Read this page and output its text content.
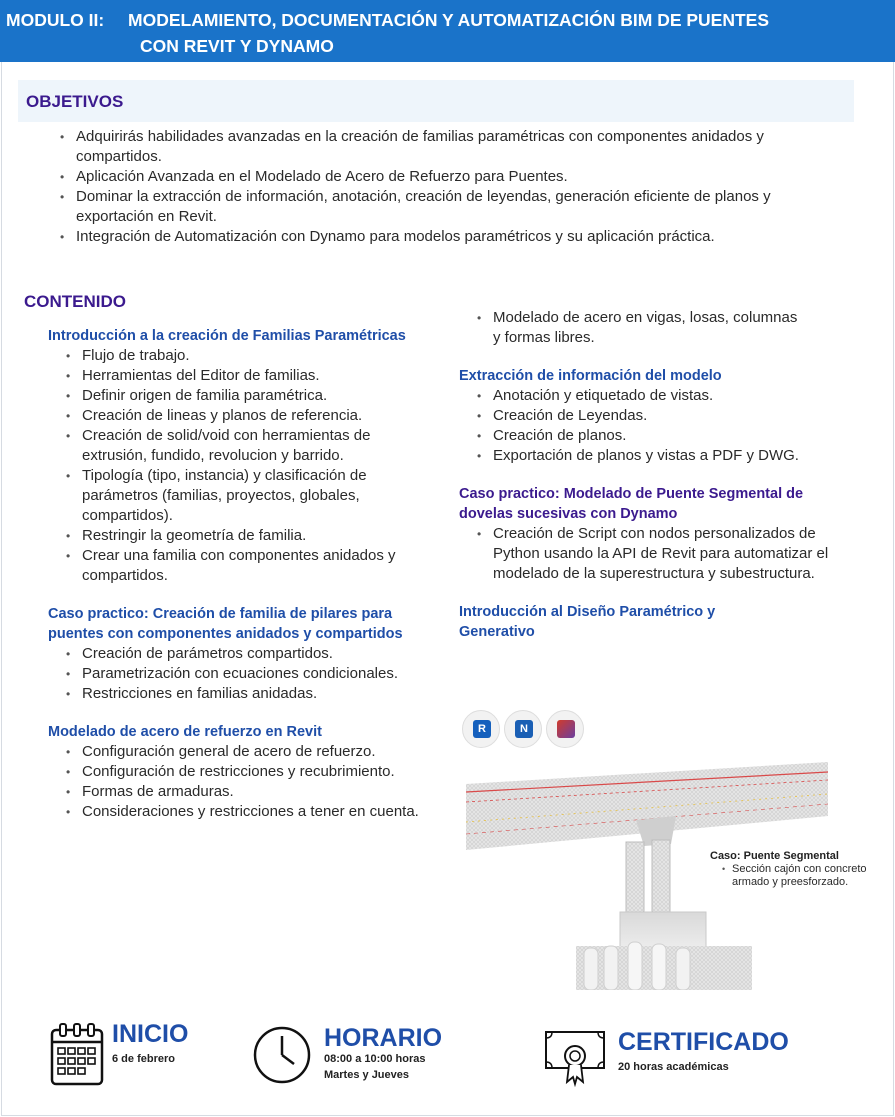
MODULO II: MODELAMIENTO, DOCUMENTACIÓN Y AUTOMATIZACIÓN BIM DE PUENTES
CON REVIT Y DYNAMO
OBJETIVOS
• Adquirirás habilidades avanzadas en la creación de familias paramétricas con componentes anidados y compartidos.
• Aplicación Avanzada en el Modelado de Acero de Refuerzo para Puentes.
• Dominar la extracción de información, anotación, creación de leyendas, generación eficiente de planos y exportación en Revit.
• Integración de Automatización con Dynamo para modelos paramétricos y su aplicación práctica.
CONTENIDO
Introducción a la creación de Familias Paramétricas
• Flujo de trabajo.
• Herramientas del Editor de familias.
• Definir origen de familia paramétrica.
• Creación de lineas y planos de referencia.
• Creación de solid/void con herramientas de extrusión, fundido, revolucion y barrido.
• Tipología (tipo, instancia) y clasificación de parámetros (familias, proyectos, globales, compartidos).
• Restringir la geometría de familia.
• Crear una familia con componentes anidados y compartidos.
Caso practico: Creación de familia de pilares para puentes con componentes anidados y compartidos
• Creación de parámetros compartidos.
• Parametrización con ecuaciones condicionales.
• Restricciones en familias anidadas.
Modelado de acero de refuerzo en Revit
• Configuración general de acero de refuerzo.
• Configuración de restricciones y recubrimiento.
• Formas de armaduras.
• Consideraciones y restricciones a tener en cuenta.
• Modelado de acero en vigas, losas, columnas y formas libres.
Extracción de información del modelo
• Anotación y etiquetado de vistas.
• Creación de Leyendas.
• Creación de planos.
• Exportación de planos y vistas a PDF y DWG.
Caso practico: Modelado de Puente Segmental de dovelas sucesivas con Dynamo
• Creación de Script con nodos personalizados de Python usando la API de Revit para automatizar el modelado de la superestructura y subestructura.
Introducción al Diseño Paramétrico y Generativo
R	N
Caso: Puente Segmental
• Sección cajón con concreto armado y preesforzado.
INICIO
6 de febrero
HORARIO
08:00 a 10:00 horas
Martes y Jueves
CERTIFICADO
20 horas académicas
